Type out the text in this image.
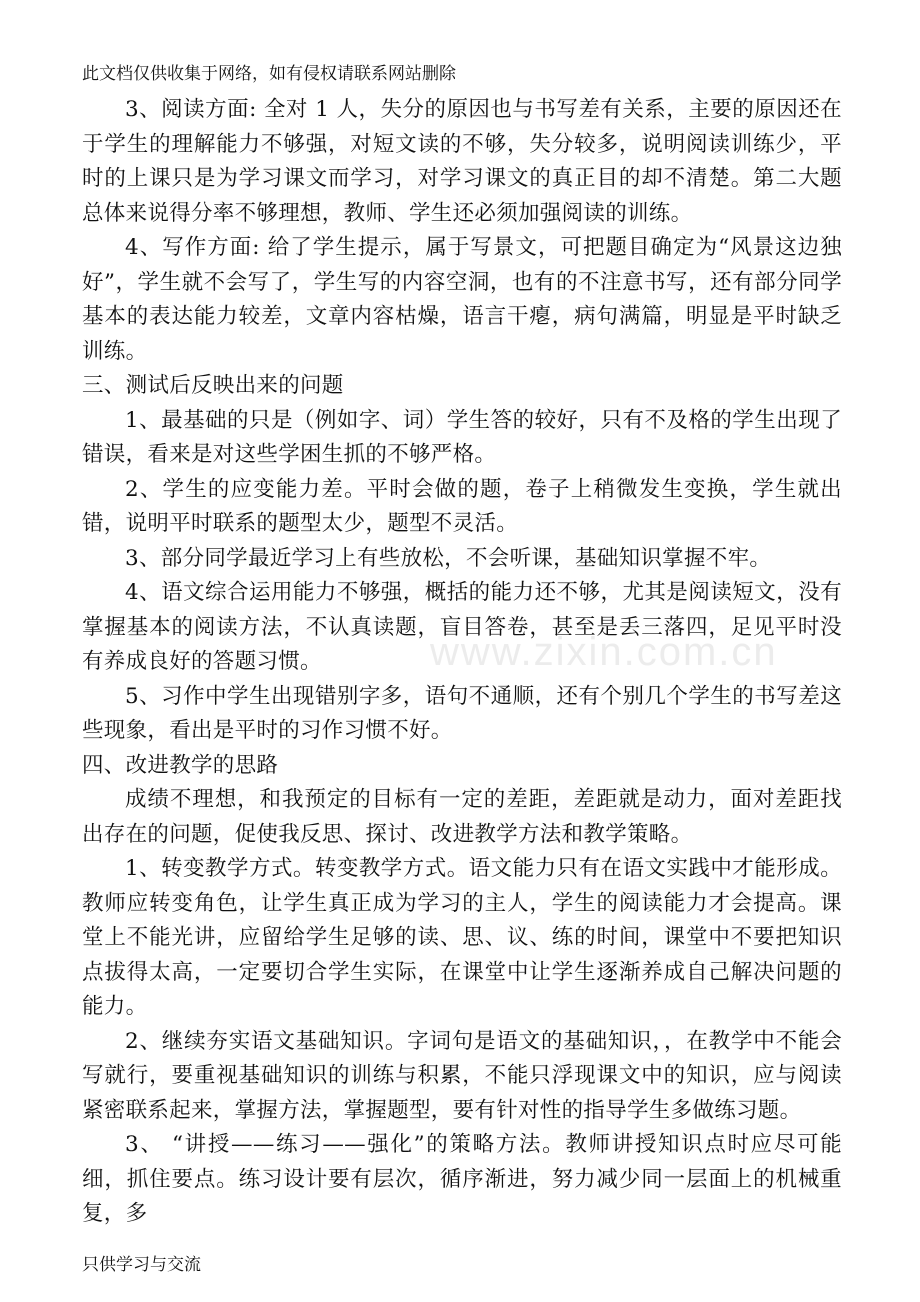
此文档仅供收集于网络，如有侵权请联系网站删除

3、阅读方面: 全对 1 人，失分的原因也与书写差有关系，主要的原因还在于学生的理解能力不够强，对短文读的不够，失分较多，说明阅读训练少，平时的上课只是为学习课文而学习，对学习课文的真正目的却不清楚。第二大题总体来说得分率不够理想，教师、学生还必须加强阅读的训练。

4、写作方面: 给了学生提示，属于写景文，可把题目确定为“风景这边独好”，学生就不会写了，学生写的内容空洞，也有的不注意书写，还有部分同学基本的表达能力较差，文章内容枯燥，语言干瘪，病句满篇，明显是平时缺乏训练。

三、测试后反映出来的问题

1、最基础的只是（例如字、词）学生答的较好，只有不及格的学生出现了错误，看来是对这些学困生抓的不够严格。

2、学生的应变能力差。平时会做的题，卷子上稍微发生变换，学生就出错，说明平时联系的题型太少，题型不灵活。

3、部分同学最近学习上有些放松，不会听课，基础知识掌握不牢。

4、语文综合运用能力不够强，概括的能力还不够，尤其是阅读短文，没有掌握基本的阅读方法，不认真读题，盲目答卷，甚至是丢三落四，足见平时没有养成良好的答题习惯。

5、习作中学生出现错别字多，语句不通顺，还有个别几个学生的书写差这些现象，看出是平时的习作习惯不好。

四、改进教学的思路

成绩不理想，和我预定的目标有一定的差距，差距就是动力，面对差距找出存在的问题，促使我反思、探讨、改进教学方法和教学策略。

1、转变教学方式。转变教学方式。语文能力只有在语文实践中才能形成。教师应转变角色，让学生真正成为学习的主人，学生的阅读能力才会提高。课堂上不能光讲，应留给学生足够的读、思、议、练的时间，课堂中不要把知识点拔得太高，一定要切合学生实际，在课堂中让学生逐渐养成自己解决问题的能力。

2、继续夯实语文基础知识。字词句是语文的基础知识，，在教学中不能会写就行，要重视基础知识的训练与积累，不能只浮现课文中的知识，应与阅读紧密联系起来，掌握方法，掌握题型，要有针对性的指导学生多做练习题。

3、 “讲授——练习——强化”的策略方法。教师讲授知识点时应尽可能细，抓住要点。练习设计要有层次，循序渐进，努力减少同一层面上的机械重复，多

www.zixin.com.cn
只供学习与交流
